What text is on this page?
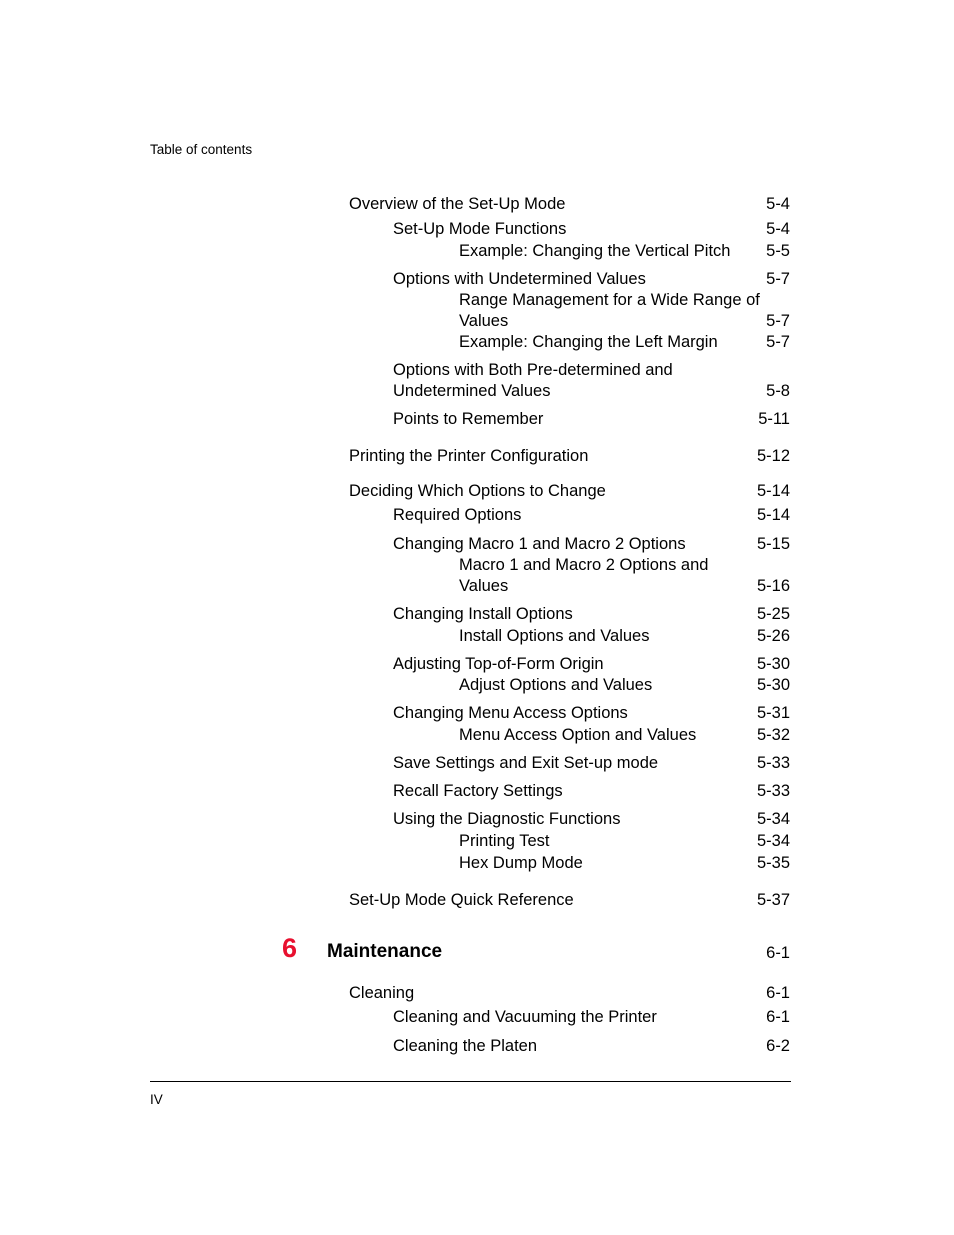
Table of contents
Overview of the Set-Up Mode	5-4
Set-Up Mode Functions	5-4
Example: Changing the Vertical Pitch 5-5
Options with Undetermined Values	5-7
Range Management for a Wide Range of
Values	5-7
Example: Changing the Left Margin	5-7
Options with Both Pre-determined and
Undetermined Values	5-8
Points to Remember	5-11
Printing the Printer Configuration	5-12
Deciding Which Options to Change	5-14
Required Options	5-14
Changing Macro 1 and Macro 2 Options	5-15
Macro 1 and Macro 2 Options and
Values	5-16
Changing Install Options	5-25
Install Options and Values	5-26
Adjusting Top-of-Form Origin	5-30
Adjust Options and Values	5-30
Changing Menu Access Options	5-31
Menu Access Option and Values	5-32
Save Settings and Exit Set-up mode	5-33
Recall Factory Settings	5-33
Using the Diagnostic Functions	5-34
Printing Test	5-34
Hex Dump Mode	5-35
Set-Up Mode Quick Reference	5-37
6 Maintenance	6-1
Cleaning	6-1
Cleaning and Vacuuming the Printer	6-1
Cleaning the Platen	6-2
IV
